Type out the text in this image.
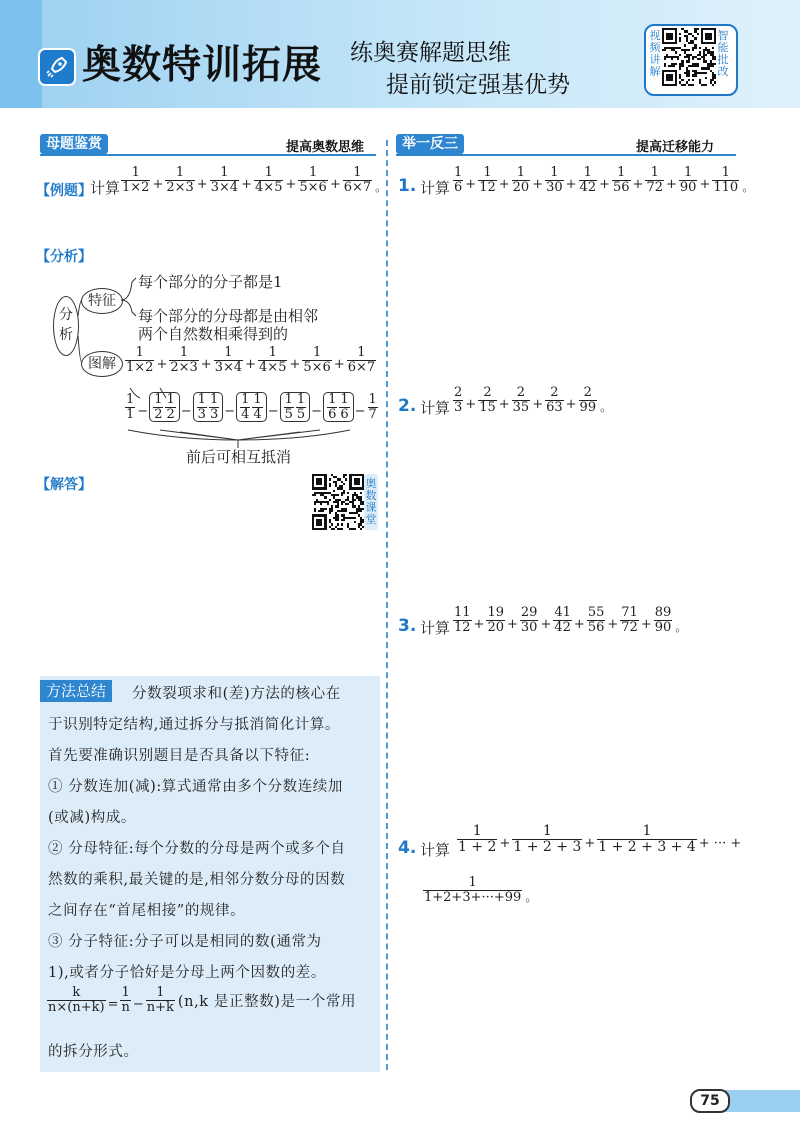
奥数特训拓展 练奥赛解题思维
提前锁定强基优势
视频讲解
智能批改
母题鉴赏	提高奥数思维	举一反三	提高迁移能力
【例题】
计算 $\frac{1}{1\times 2} + \frac{1}{2\times 3} + \frac{1}{3\times 4} + \frac{1}{4\times 5} + \frac{1}{5\times 6} + \frac{1}{6\times 7}$ 。
【分析】
分析
特征
图解
每个部分的分子都是1
每个部分的分母都是由相邻
两个自然数相乘得到的
$\frac{1}{1\times 2} + \frac{1}{2\times 3} + \frac{1}{3\times 4} + \frac{1}{4\times 5} + \frac{1}{5\times 6} + \frac{1}{6\times 7}$
$\frac{1}{1} - \frac{1}{2} \frac{1}{2} - \frac{1}{3} \frac{1}{3} - \frac{1}{4} \frac{1}{4} - \frac{1}{5} \frac{1}{5} - \frac{1}{6} \frac{1}{6} - \frac{1}{7}$
前后可相互抵消
【解答】	奥数课堂
1. 计算 $\frac{1}{6} + \frac{1}{12} + \frac{1}{20} + \frac{1}{30} + \frac{1}{42} + \frac{1}{56} + \frac{1}{72} + \frac{1}{90} + \frac{1}{110}$ 。
2. 计算 $\frac{2}{3} + \frac{2}{15} + \frac{2}{35} + \frac{2}{63} + \frac{2}{99}$ 。
3. 计算 $\frac{11}{12} + \frac{19}{20} + \frac{29}{30} + \frac{41}{42} + \frac{55}{56} + \frac{71}{72} + \frac{89}{90}$ 。
4. 计算 $\frac{1}{1 + 2} + \frac{1}{1 + 2 + 3} + \frac{1}{1 + 2 + 3 + 4}$ + ··· +
$\frac{1}{1+2+3+\cdot\cdot\cdot+99}$ 。
方法总结	分数裂项求和(差)方法的核心在
于识别特定结构,通过拆分与抵消简化计算。
首先要准确识别题目是否具备以下特征:
① 分数连加(减):算式通常由多个分数连续加
(或减)构成。
② 分母特征:每个分数的分母是两个或多个自
然数的乘积,最关键的是,相邻分数分母的因数
之间存在“首尾相接”的规律。
③ 分子特征:分子可以是相同的数(通常为
1),或者分子恰好是分母上两个因数的差。
$\frac{k}{n\times(n+k)} = \frac{1}{n} - \frac{1}{n+k} (n,k$ 是正整数)是一个常用
的拆分形式。
75
